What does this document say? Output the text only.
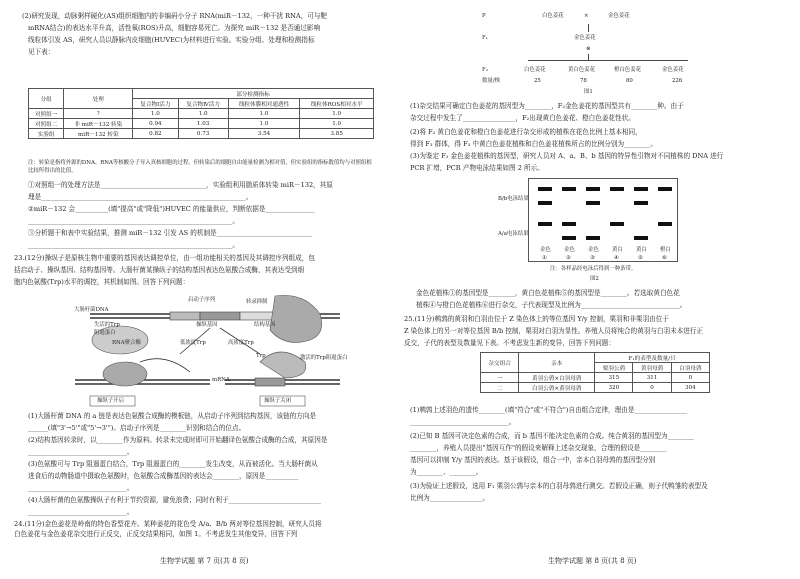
(2)研究发现，动脉粥样硬化(AS)组织细胞内的非编码小分子 RNA(miR－132，一种干扰 RNA，可与靶
mRNA结合)的表达水平升高，活性氧(ROS)升高，细胞容易死亡。为探究 miR－132 是否通过影响
线粒体引发 AS，研究人员以静脉内皮细胞(HUVEC)为材料进行实验。实验分组、处理和检测指标
见下表：
分组	处理	部分检测指标			
		复合物Ⅰ活力	复合物Ⅳ活力	线粒体膜相对通透性	线粒体ROS相对水平
对照组一	?	1.0	1.0	1.0	1.0
对照组二	非 miR－132 转染	0.94	1.03	1.0	1.0
实验组	miR－132 转染	0.82	0.73	3.54	3.85
注：转染是指将外源的DNA、RNA等核酸分子导入真核细胞的过程。但转染后的细胞自由能量检测为相对值，但实验组的指标数值均与对照组相
比较所得出的比值。
①对照组一的处理方法是________________________________，实验组利用脂质体转染 miR－132，其原
理是______________________________________________________________。
②miR－132 会__________(填"提高"或"降低")HUVEC 的能量供应，判断依据是_______________
______________________________________________________________。
③分析题干和表中实验结果，推测 miR－132 引发 AS 的机制是_____________________________
______________________________________________________________。
23.(12分)操纵子是原核生物中重要的基因表达调控单位，由一组功能相关的基因及其调控序列组成，包
括启动子、操纵基因、结构基因等。大肠杆菌某操纵子的结构基因表达色氨酸合成酶，其表达受到细
胞内色氨酸(Trp)水平的调控，其机制如图。回答下列问题：
大肠杆菌DNA
启动子序列	转录抑制
操纵基因	结构基因
失活的Trp
阻遏蛋白
RNA聚合酶	低浓度Trp	高浓度Trp
Trp	激活的Trp阻遏蛋白
mRNA
操纵子开启	操纵子关闭
(1)大肠杆菌 DNA 的 a 链是表达色氨酸合成酶的模板链，从启动子序列到结构基因，该链的方向是
______(填"3'→5'"或"5'→3'")。启动子序列是________识别和结合的位点。
(2)结构基因转录时，以________作为原料。转录未完成时即可开始翻译色氨酸合成酶的合成，其原因是
______________________________。
(3)色氨酸可与 Trp 阻遏蛋白结合，Trp 阻遏蛋白的________发生改变，从而被活化。当大肠杆菌从
进食后的动物肠道中摄取色氨酸时，色氨酸合成酶基因的表达会________，原因是__________
______________________________。
(4)大肠杆菌的色氨酸操纵子有利于节约资源，避免浪费；同时有利于____________________________
______________________________。
24.(11分)金色姜花是岭南的特色香型花卉。某种姜花的花色受 A/a、B/b 两对等位基因控制，研究人员将
白色姜花与金色姜花杂交进行正反交，正反交结果相同，如图 1。不考虑发生其他变异，回答下列
生物学试题 第 7 页(共 8 页)
P	白色姜花	×	金色姜花
F₁	金色姜花
⊗
F₂	白色姜花	黄白色姜花	橙白色姜花	金色姜花
数量/株	25	78	80	226
图1
(1)杂交结果可确定白色姜花的基因型为________，F₂金色姜花的基因型共有________种。由于
杂交过程中发生了________________，F₂出现黄白色姜花、橙白色姜花性状。
(2)将 F₂ 黄白色姜花和橙白色姜花进行杂交形成的植株在花色比例上基本相同，
得到 F₃ 群体，得 F₃ 中黄白色姜花植株和白色姜花植株所占的比例分别为________。
(3)为鉴定 F₂ 金色姜花植株的基因型，研究人员对 A、a、B、b 基因的特异性引物对不同植株的 DNA 进行
PCR 扩增，PCR 产物电泳结果如图 2 所示。
B/b电泳结果
A/a电泳结果
金色 金色 金色 黄白 黄白 橙白
①	②	③	④	⑤	⑥
注：各样品经电泳后得到一种条带。
图2
金色花植株①的基因型是________，黄白色花植株⑤的基因型是________。若选取黄白色花
植株④与橙白色花植株⑥进行杂交，子代表现型及比例为______________________________。
25.(11分)鹌鹑的黄羽和白羽由位于 Z 染色体上的等位基因 Y/y 控制，栗羽和非栗羽由位于
Z 染色体上的另一对等位基因 B/b 控制，栗羽对白羽为显性。养殖人员将纯合的黄羽与白羽未本进行正
反交，子代的表型及数量见下表。不考虑发生新的变异，回答下列问题：
杂交组合	亲本	F₁的表型及数量/只		
		栗羽公鹑	黄羽母鹑	白羽母鹑
一	黄羽公鹑×白羽母鹑	315	311	0
二	白羽公鹑×黄羽母鹑	320	0	304
(1)鹌鹑上述羽色的遗传________(填"符合"或"不符合")自由组合定律，理由是________________
______________________________。
(2)已知 B 基因可决定色素的合成，而 b 基因不能决定色素的合成。纯合黄羽的基因型为________
________，养殖人员提出"基因互作"的假设来解释上述杂交现象，合理的假设是________
基因可以抑制 Y/y 基因的表达。基于该假设，组合一中，亲本白羽母鹑的基因型分别
为________、________。
(3)为验证上述假设，选用 F₁ 栗羽公鹑与亲本的白羽母鹑进行测交。若假设正确，则子代鸭雏的表型及
比例为________________。
生物学试题 第 8 页(共 8 页)
